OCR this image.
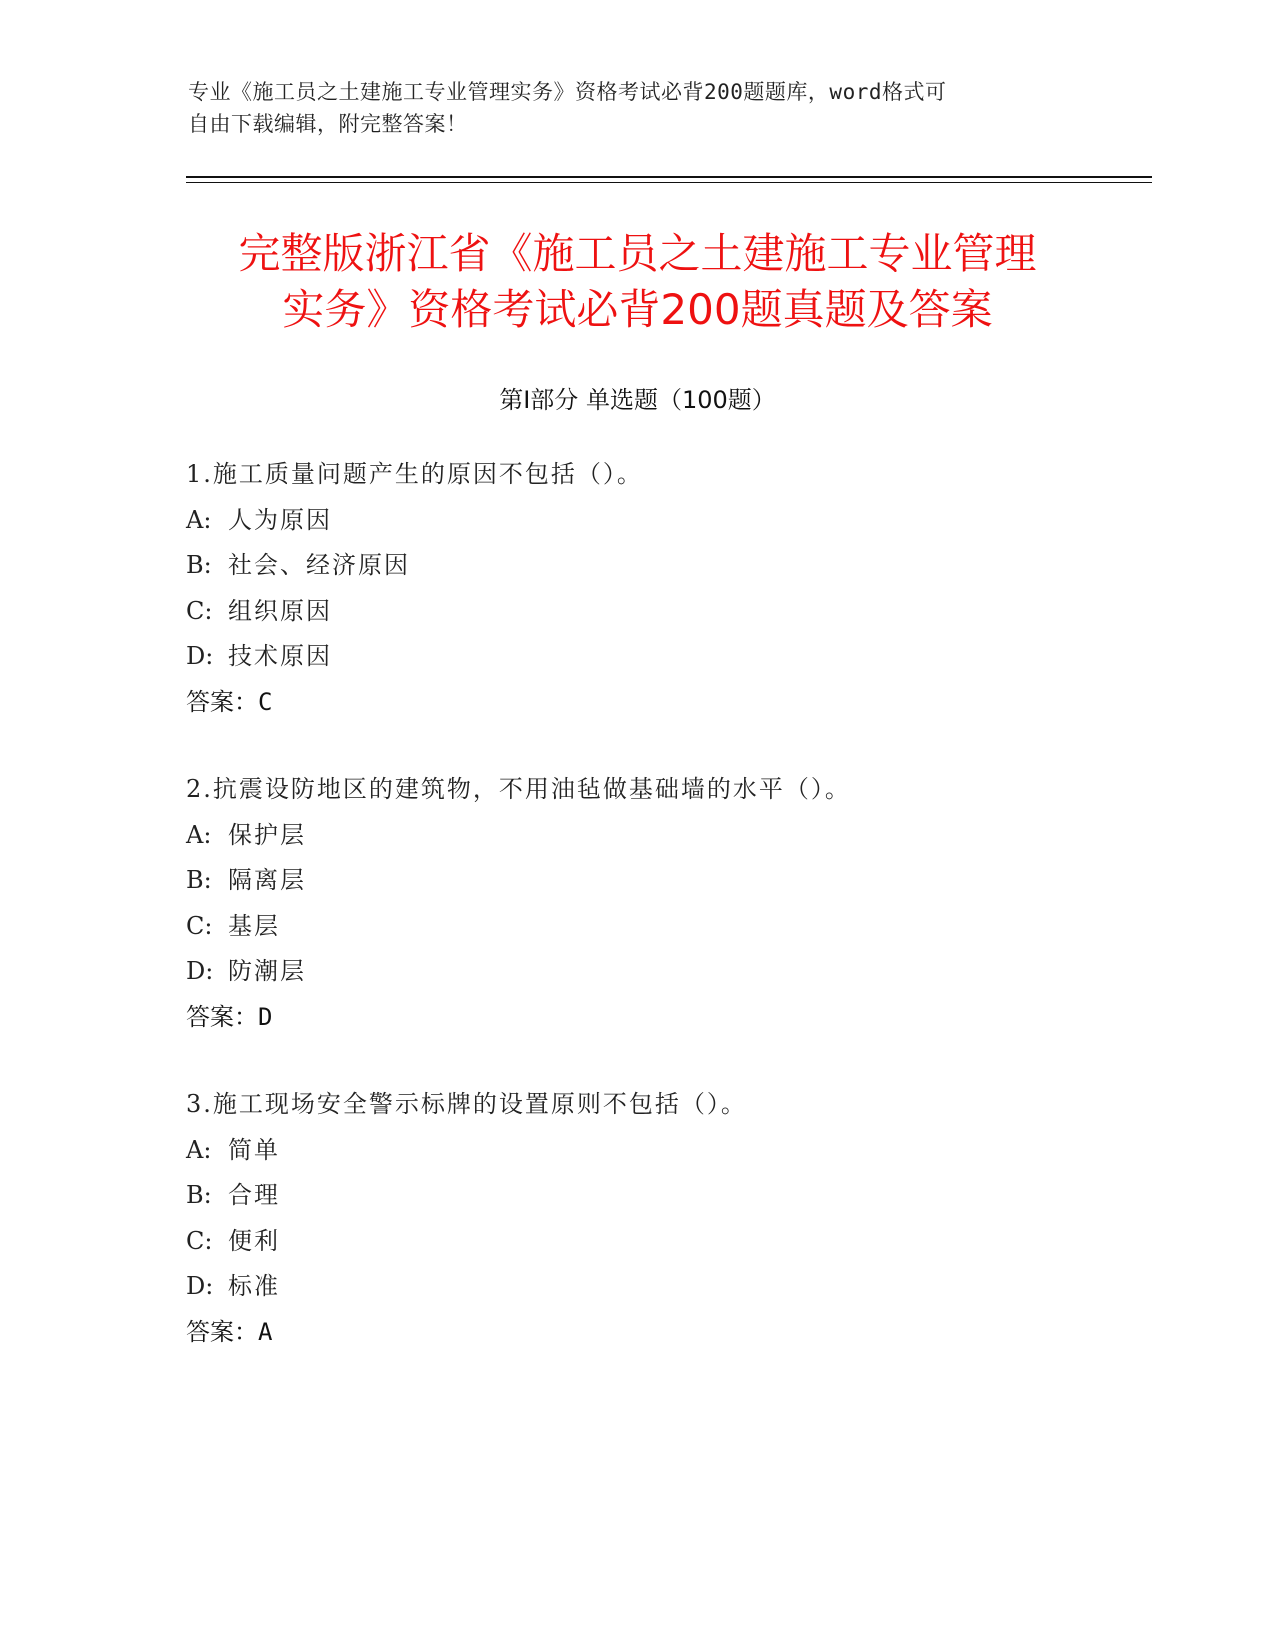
专业《施工员之土建施工专业管理实务》资格考试必背200题题库，word格式可
自由下载编辑，附完整答案！
完整版浙江省《施工员之土建施工专业管理
实务》资格考试必背200题真题及答案
第Ⅰ部分 单选题（100题）
1.施工质量问题产生的原因不包括（）。
A: 人为原因
B: 社会、经济原因
C: 组织原因
D: 技术原因
答案：C
2.抗震设防地区的建筑物，不用油毡做基础墙的水平（）。
A: 保护层
B: 隔离层
C: 基层
D: 防潮层
答案：D
3.施工现场安全警示标牌的设置原则不包括（）。
A: 简单
B: 合理
C: 便利
D: 标准
答案：A
